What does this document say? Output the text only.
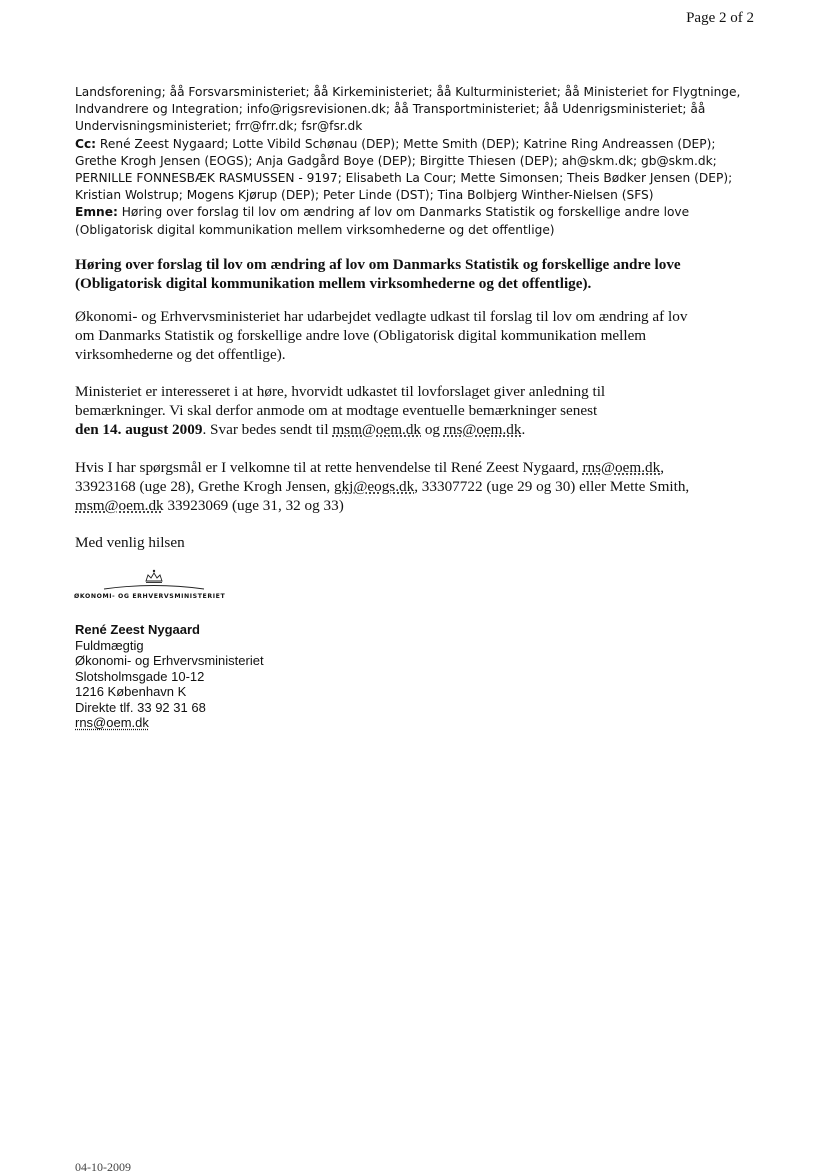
Page 2 of 2
Landsforening; åå Forsvarsministeriet; åå Kirkeministeriet; åå Kulturministeriet; åå Ministeriet for Flygtninge,
Indvandrere og Integration; info@rigsrevisionen.dk; åå Transportministeriet; åå Udenrigsministeriet; åå
Undervisningsministeriet; frr@frr.dk; fsr@fsr.dk
Cc: René Zeest Nygaard; Lotte Vibild Schønau (DEP); Mette Smith (DEP); Katrine Ring Andreassen (DEP);
Grethe Krogh Jensen (EOGS); Anja Gadgård Boye (DEP); Birgitte Thiesen (DEP); ah@skm.dk; gb@skm.dk;
PERNILLE FONNESBÆK RASMUSSEN - 9197; Elisabeth La Cour; Mette Simonsen; Theis Bødker Jensen (DEP);
Kristian Wolstrup; Mogens Kjørup (DEP); Peter Linde (DST); Tina Bolbjerg Winther-Nielsen (SFS)
Emne: Høring over forslag til lov om ændring af lov om Danmarks Statistik og forskellige andre love
(Obligatorisk digital kommunikation mellem virksomhederne og det offentlige)
Høring over forslag til lov om ændring af lov om Danmarks Statistik og forskellige andre love
(Obligatorisk digital kommunikation mellem virksomhederne og det offentlige).
Økonomi- og Erhvervsministeriet har udarbejdet vedlagte udkast til forslag til lov om ændring af lov
om Danmarks Statistik og forskellige andre love (Obligatorisk digital kommunikation mellem
virksomhederne og det offentlige).
Ministeriet er interesseret i at høre, hvorvidt udkastet til lovforslaget giver anledning til
bemærkninger. Vi skal derfor anmode om at modtage eventuelle bemærkninger senest
den 14. august 2009. Svar bedes sendt til msm@oem.dk og rns@oem.dk.
Hvis I har spørgsmål er I velkomne til at rette henvendelse til René Zeest Nygaard, rns@oem.dk,
33923168 (uge 28), Grethe Krogh Jensen, gkj@eogs.dk, 33307722 (uge 29 og 30) eller Mette Smith,
msm@oem.dk 33923069 (uge 31, 32 og 33)
Med venlig hilsen
ØKONOMI- OG ERHVERVSMINISTERIET
René Zeest Nygaard
Fuldmægtig
Økonomi- og Erhvervsministeriet
Slotsholmsgade 10-12
1216 København K
Direkte tlf. 33 92 31 68
rns@oem.dk
04-10-2009
